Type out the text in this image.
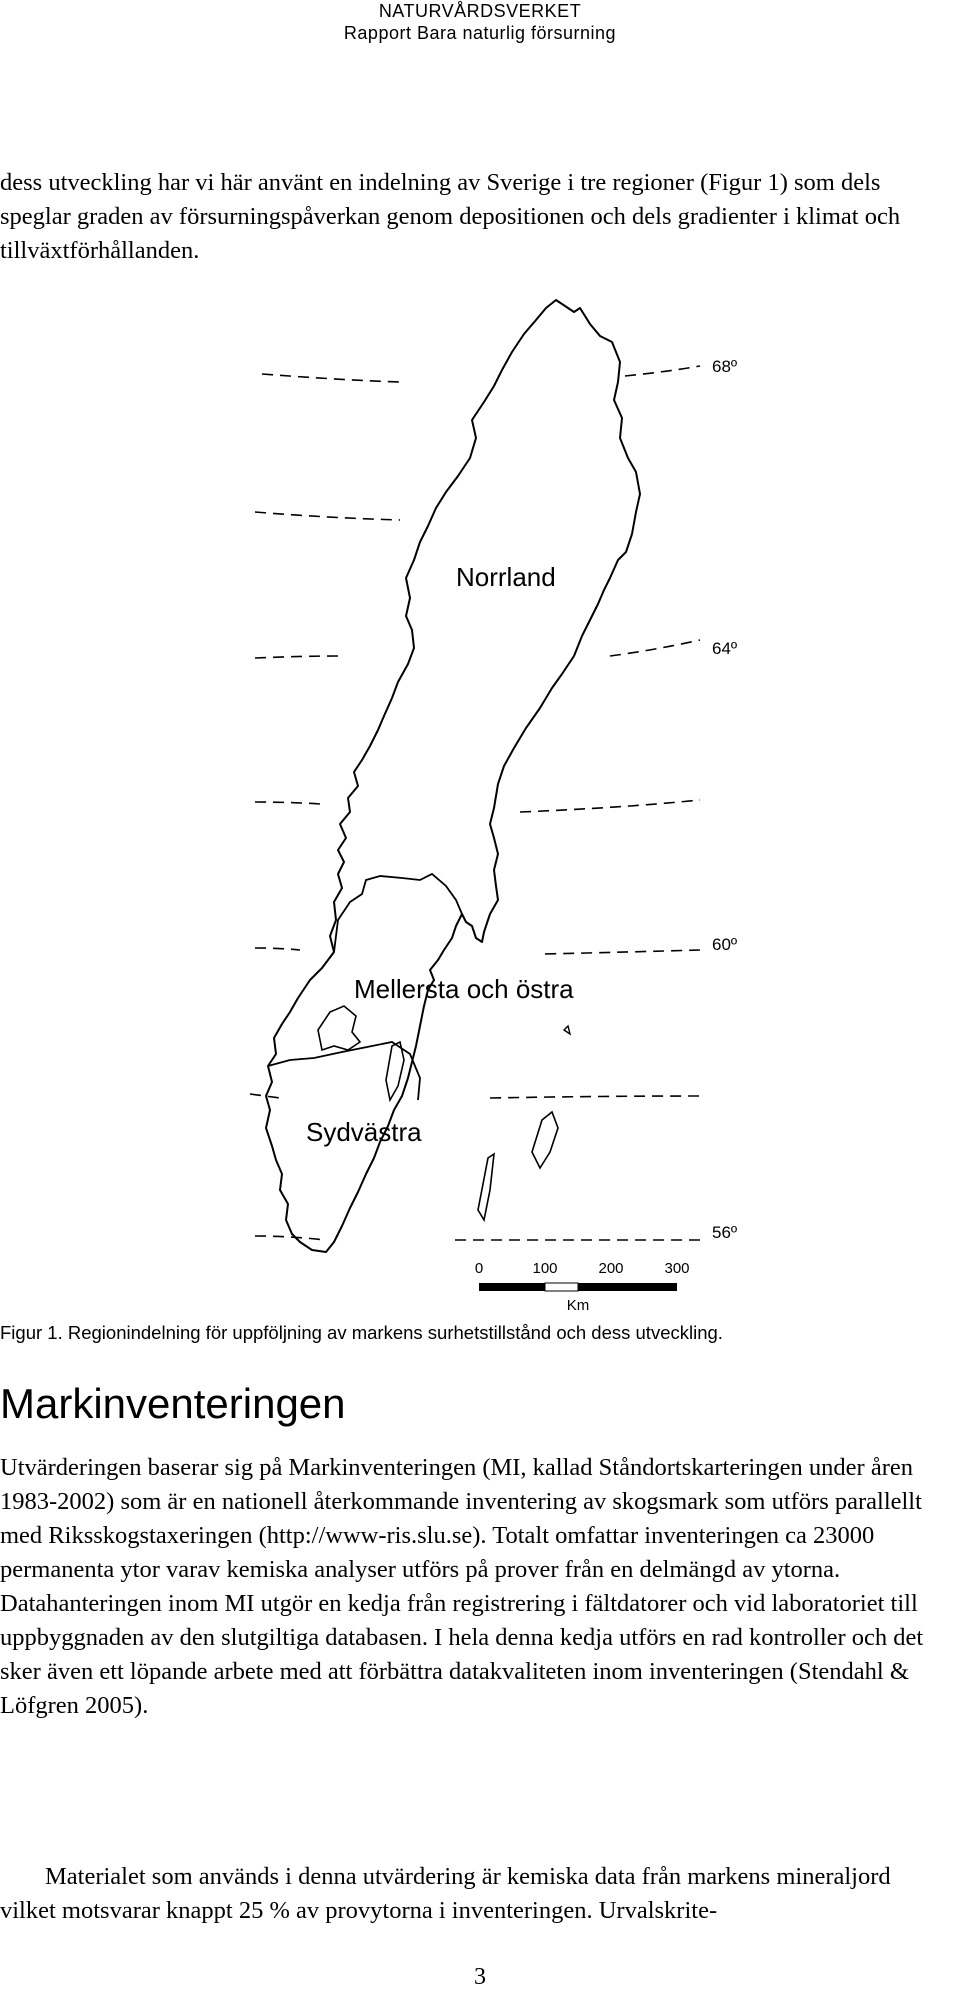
NATURVÅRDSVERKET
Rapport Bara naturlig försurning
dess utveckling har vi här använt en indelning av Sverige i tre regioner (Figur 1) som dels speglar graden av försurningspåverkan genom depositionen och dels gradienter i klimat och tillväxtförhållanden.
68º
64º
60º
56º
Norrland
Mellersta och östra
Sydvästra
0	100	200	300
Km
Figur 1. Regionindelning för uppföljning av markens surhetstillstånd och dess utveckling.
Markinventeringen
Utvärderingen baserar sig på Markinventeringen (MI, kallad Ståndortskarteringen under åren 1983-2002) som är en nationell återkommande inventering av skogsmark som utförs parallellt med Riksskogstaxeringen (http://www-ris.slu.se). Totalt omfattar inventeringen ca 23000 permanenta ytor varav kemiska analyser utförs på prover från en delmängd av ytorna. Datahanteringen inom MI utgör en kedja från registrering i fältdatorer och vid laboratoriet till uppbyggnaden av den slutgiltiga databasen. I hela denna kedja utförs en rad kontroller och det sker även ett löpande arbete med att förbättra datakvaliteten inom inventeringen (Stendahl & Löfgren 2005).
Materialet som används i denna utvärdering är kemiska data från markens mineraljord vilket motsvarar knappt 25 % av provytorna i inventeringen. Urvalskrite-
3
